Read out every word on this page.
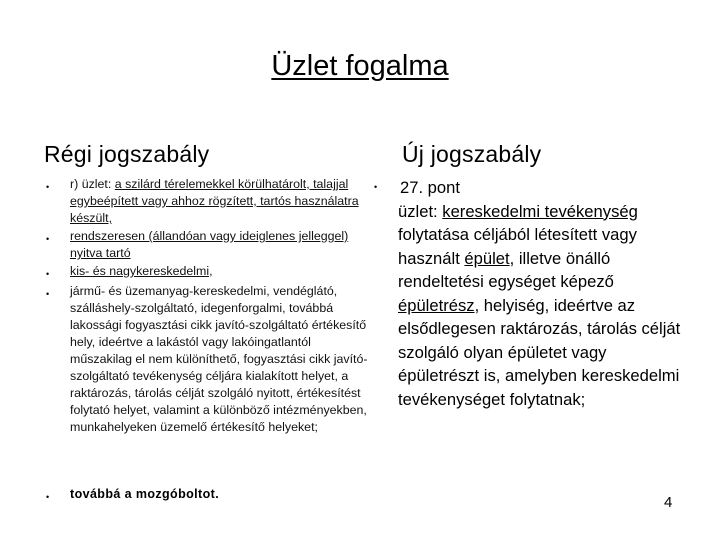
Üzlet fogalma
Régi jogszabály	Új jogszabály
• r) üzlet: a szilárd térelemekkel körülhatárolt, talajjal egybeépített vagy ahhoz rögzített, tartós használatra készült,
• rendszeresen (állandóan vagy ideiglenes jelleggel) nyitva tartó
• kis- és nagykereskedelmi,
• jármű- és üzemanyag-kereskedelmi, vendéglátó, szálláshely-szolgáltató, idegenforgalmi, továbbá lakossági fogyasztási cikk javító-szolgáltató értékesítő hely, ideértve a lakástól vagy lakóingatlantól műszakilag el nem különíthető, fogyasztási cikk javító-szolgáltató tevékenység céljára kialakított helyet, a raktározás, tárolás célját szolgáló nyitott, értékesítést folytató helyet, valamint a különböző intézményekben, munkahelyeken üzemelő értékesítő helyeket;
• továbbá a mozgóboltot.
• 27. pont
üzlet: kereskedelmi tevékenység folytatása céljából létesített vagy használt épület, illetve önálló rendeltetési egységet képező épületrész, helyiség, ideértve az elsődlegesen raktározás, tárolás célját szolgáló olyan épületet vagy épületrészt is, amelyben kereskedelmi tevékenységet folytatnak;
4
